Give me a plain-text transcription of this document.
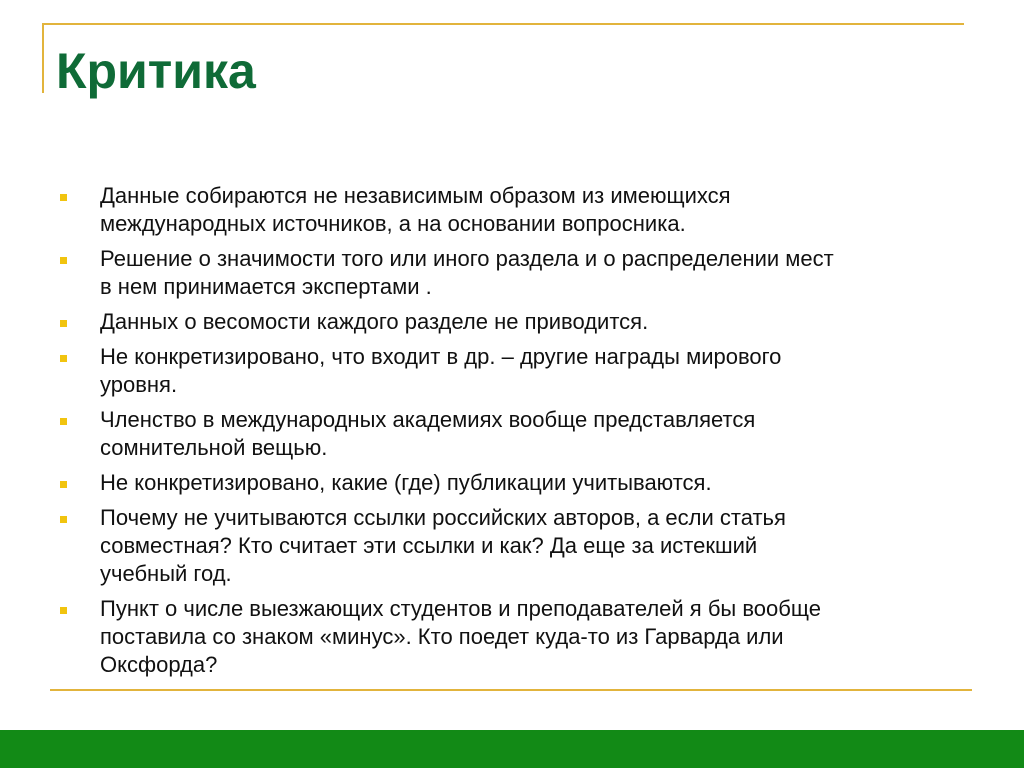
Критика
Данные собираются не независимым образом из имеющихся
международных источников, а на основании вопросника.
Решение о значимости того или иного раздела и о распределении мест
в нем принимается экспертами .
Данных о весомости каждого разделе не приводится.
Не конкретизировано, что входит в др. – другие награды мирового
уровня.
Членство в международных академиях вообще представляется
сомнительной вещью.
Не конкретизировано, какие (где) публикации учитываются.
Почему не учитываются ссылки российских авторов, а если статья
совместная? Кто считает эти ссылки и как? Да еще за истекший
учебный год.
Пункт о числе выезжающих студентов и преподавателей я бы вообще
поставила со знаком «минус». Кто поедет куда-то из Гарварда или
Оксфорда?
